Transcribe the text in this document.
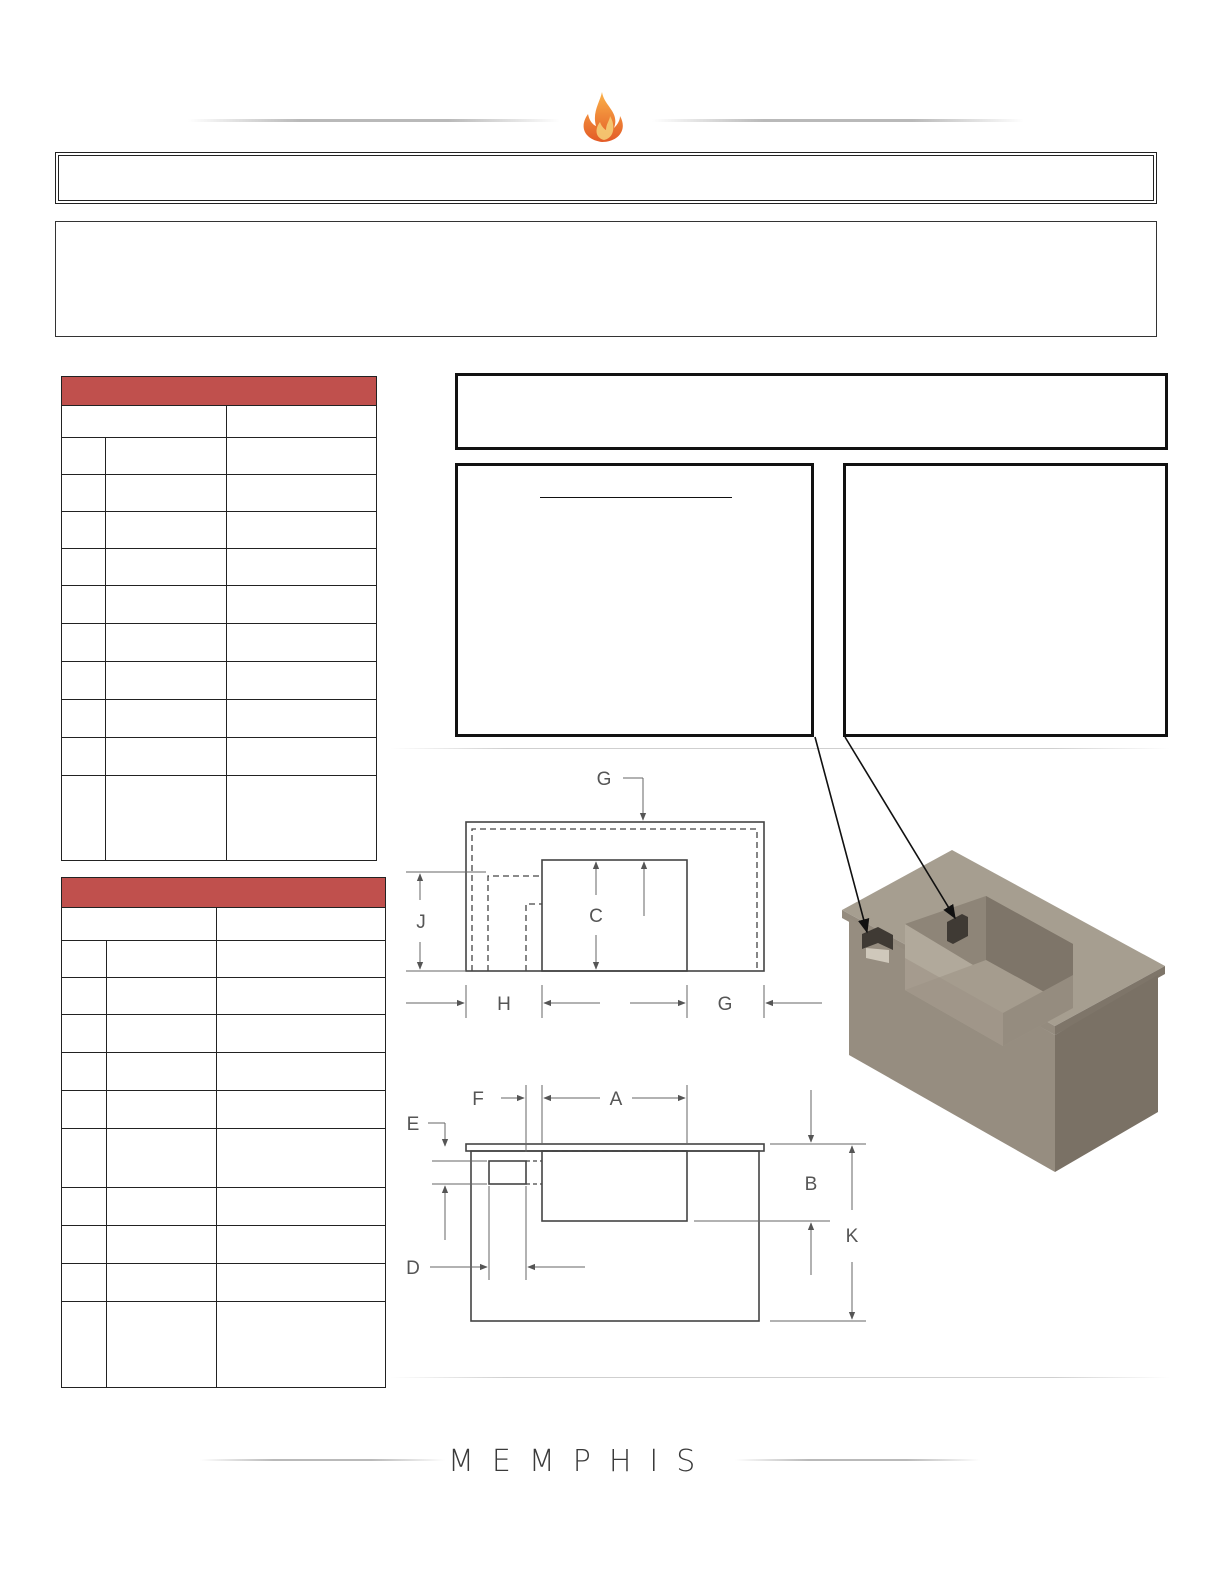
G
J	C
H	G
F	A
E
B
K
D
MEMPHIS
